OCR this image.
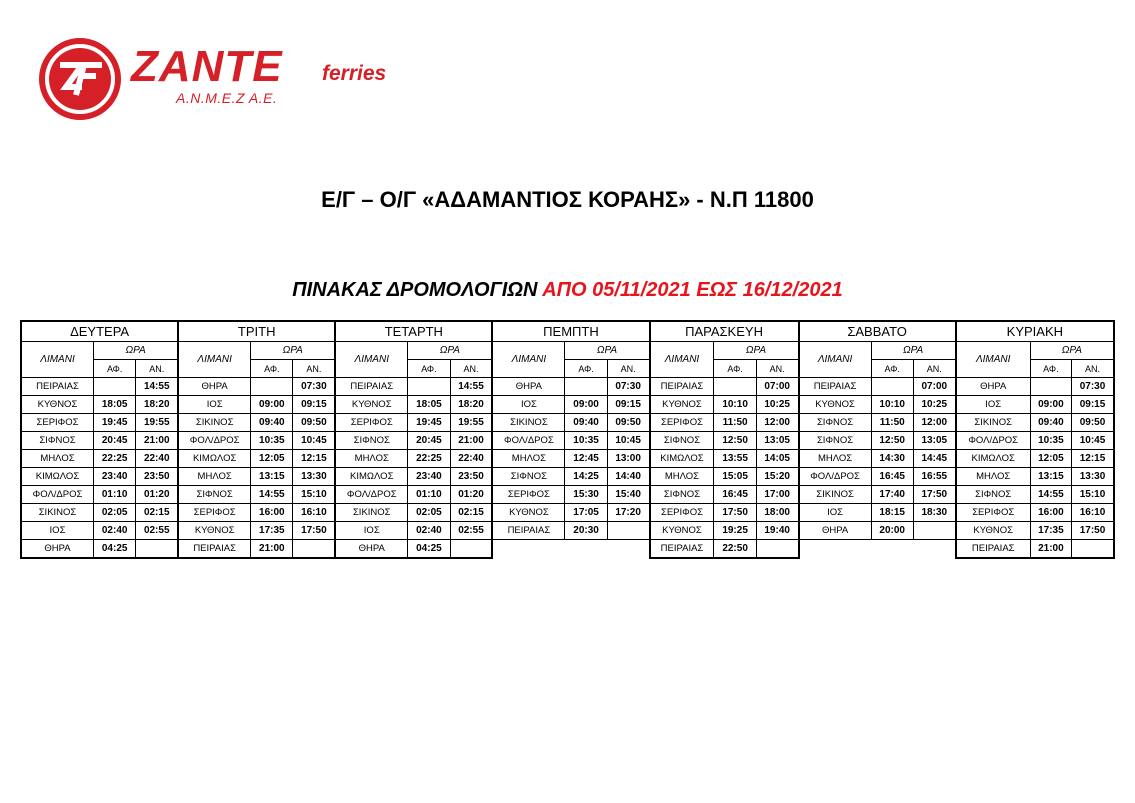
ZANTE ferries
Α.Ν.Μ.Ε.Ζ Α.Ε.
Ε/Γ – Ο/Γ «ΑΔΑΜΑΝΤΙΟΣ ΚΟΡΑΗΣ» - Ν.Π 11800
ΠΙΝΑΚΑΣ ΔΡΟΜΟΛΟΓΙΩΝ ΑΠΟ 05/11/2021 ΕΩΣ 16/12/2021
ΔΕΥΤΕΡΑ			ΤΡΙΤΗ			ΤΕΤΑΡΤΗ			ΠΕΜΠΤΗ			ΠΑΡΑΣΚΕΥΗ			ΣΑΒΒΑΤΟ			ΚΥΡΙΑΚΗ		
ΛΙΜΑΝΙ	ΩΡΑ		ΛΙΜΑΝΙ	ΩΡΑ		ΛΙΜΑΝΙ	ΩΡΑ		ΛΙΜΑΝΙ	ΩΡΑ		ΛΙΜΑΝΙ	ΩΡΑ		ΛΙΜΑΝΙ	ΩΡΑ		ΛΙΜΑΝΙ	ΩΡΑ	
	ΑΦ.	ΑΝ.		ΑΦ.	ΑΝ.		ΑΦ.	ΑΝ.		ΑΦ.	ΑΝ.		ΑΦ.	ΑΝ.		ΑΦ.	ΑΝ.		ΑΦ.	ΑΝ.
ΠΕΙΡΑΙΑΣ		14:55	ΘΗΡΑ		07:30	ΠΕΙΡΑΙΑΣ		14:55	ΘΗΡΑ		07:30	ΠΕΙΡΑΙΑΣ		07:00	ΠΕΙΡΑΙΑΣ		07:00	ΘΗΡΑ		07:30
ΚΥΘΝΟΣ	18:05	18:20	ΙΟΣ	09:00	09:15	ΚΥΘΝΟΣ	18:05	18:20	ΙΟΣ	09:00	09:15	ΚΥΘΝΟΣ	10:10	10:25	ΚΥΘΝΟΣ	10:10	10:25	ΙΟΣ	09:00	09:15
ΣΕΡΙΦΟΣ	19:45	19:55	ΣΙΚΙΝΟΣ	09:40	09:50	ΣΕΡΙΦΟΣ	19:45	19:55	ΣΙΚΙΝΟΣ	09:40	09:50	ΣΕΡΙΦΟΣ	11:50	12:00	ΣΙΦΝΟΣ	11:50	12:00	ΣΙΚΙΝΟΣ	09:40	09:50
ΣΙΦΝΟΣ	20:45	21:00	ΦΟΛ/ΔΡΟΣ	10:35	10:45	ΣΙΦΝΟΣ	20:45	21:00	ΦΟΛ/ΔΡΟΣ	10:35	10:45	ΣΙΦΝΟΣ	12:50	13:05	ΣΙΦΝΟΣ	12:50	13:05	ΦΟΛ/ΔΡΟΣ	10:35	10:45
ΜΗΛΟΣ	22:25	22:40	ΚΙΜΩΛΟΣ	12:05	12:15	ΜΗΛΟΣ	22:25	22:40	ΜΗΛΟΣ	12:45	13:00	ΚΙΜΩΛΟΣ	13:55	14:05	ΜΗΛΟΣ	14:30	14:45	ΚΙΜΩΛΟΣ	12:05	12:15
ΚΙΜΩΛΟΣ	23:40	23:50	ΜΗΛΟΣ	13:15	13:30	ΚΙΜΩΛΟΣ	23:40	23:50	ΣΙΦΝΟΣ	14:25	14:40	ΜΗΛΟΣ	15:05	15:20	ΦΟΛ/ΔΡΟΣ	16:45	16:55	ΜΗΛΟΣ	13:15	13:30
ΦΟΛ/ΔΡΟΣ	01:10	01:20	ΣΙΦΝΟΣ	14:55	15:10	ΦΟΛ/ΔΡΟΣ	01:10	01:20	ΣΕΡΙΦΟΣ	15:30	15:40	ΣΙΦΝΟΣ	16:45	17:00	ΣΙΚΙΝΟΣ	17:40	17:50	ΣΙΦΝΟΣ	14:55	15:10
ΣΙΚΙΝΟΣ	02:05	02:15	ΣΕΡΙΦΟΣ	16:00	16:10	ΣΙΚΙΝΟΣ	02:05	02:15	ΚΥΘΝΟΣ	17:05	17:20	ΣΕΡΙΦΟΣ	17:50	18:00	ΙΟΣ	18:15	18:30	ΣΕΡΙΦΟΣ	16:00	16:10
ΙΟΣ	02:40	02:55	ΚΥΘΝΟΣ	17:35	17:50	ΙΟΣ	02:40	02:55	ΠΕΙΡΑΙΑΣ	20:30		ΚΥΘΝΟΣ	19:25	19:40	ΘΗΡΑ	20:00		ΚΥΘΝΟΣ	17:35	17:50
ΘΗΡΑ	04:25		ΠΕΙΡΑΙΑΣ	21:00		ΘΗΡΑ	04:25					ΠΕΙΡΑΙΑΣ	22:50					ΠΕΙΡΑΙΑΣ	21:00	
